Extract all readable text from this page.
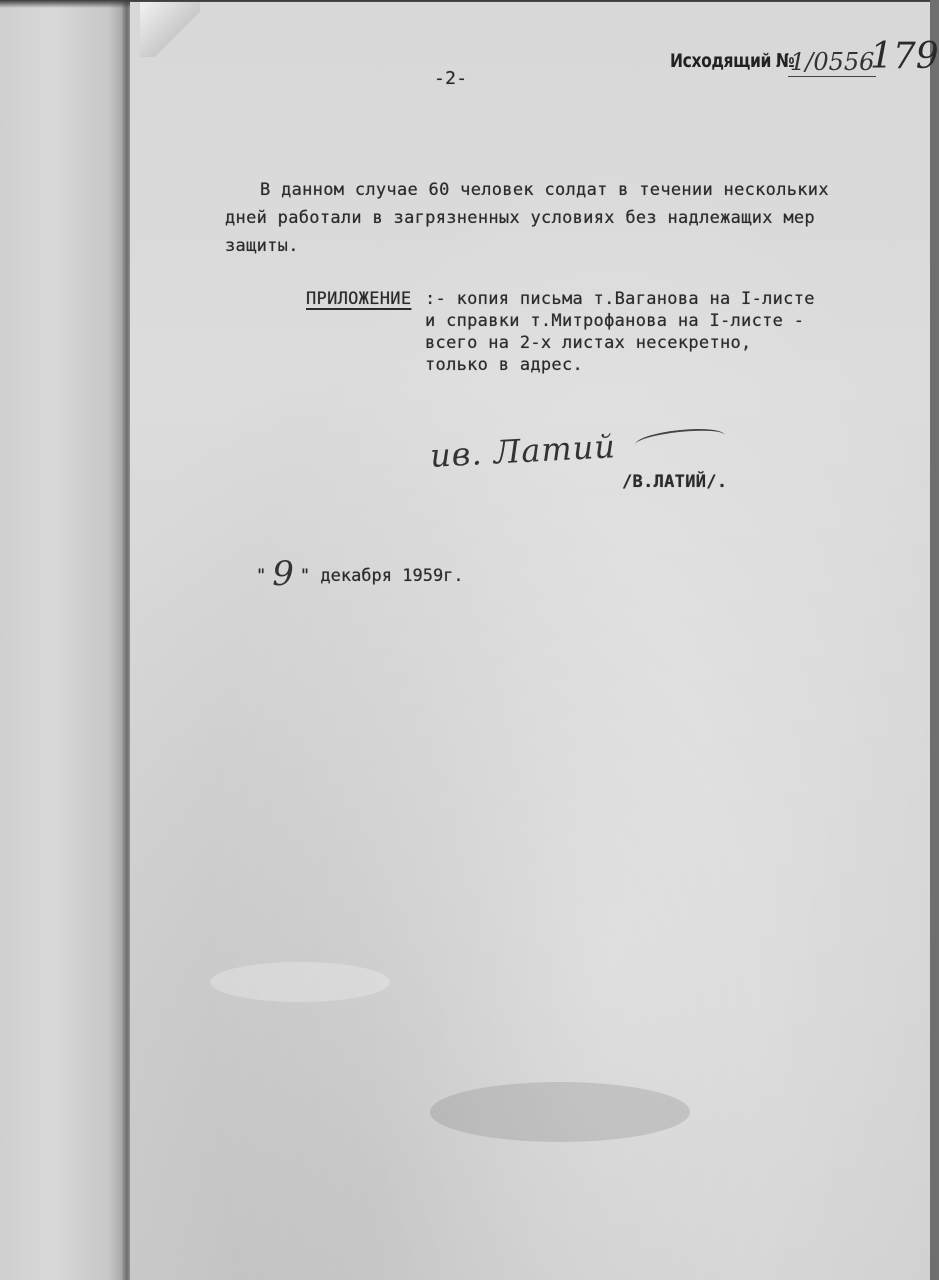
Исходящий №
1/0556
179
-2-
В данном случае 60 человек солдат в течении нескольких
дней работали в загрязненных условиях без надлежащих мер
защиты.
ПРИЛОЖЕНИЕ :- копия письма т.Ваганова на I-листе
и справки т.Митрофанова на I-листе -
всего на 2-х листах несекретно,
только в адрес.
ив. Латий
/В.ЛАТИЙ/.
" 9 " декабря 1959г.
